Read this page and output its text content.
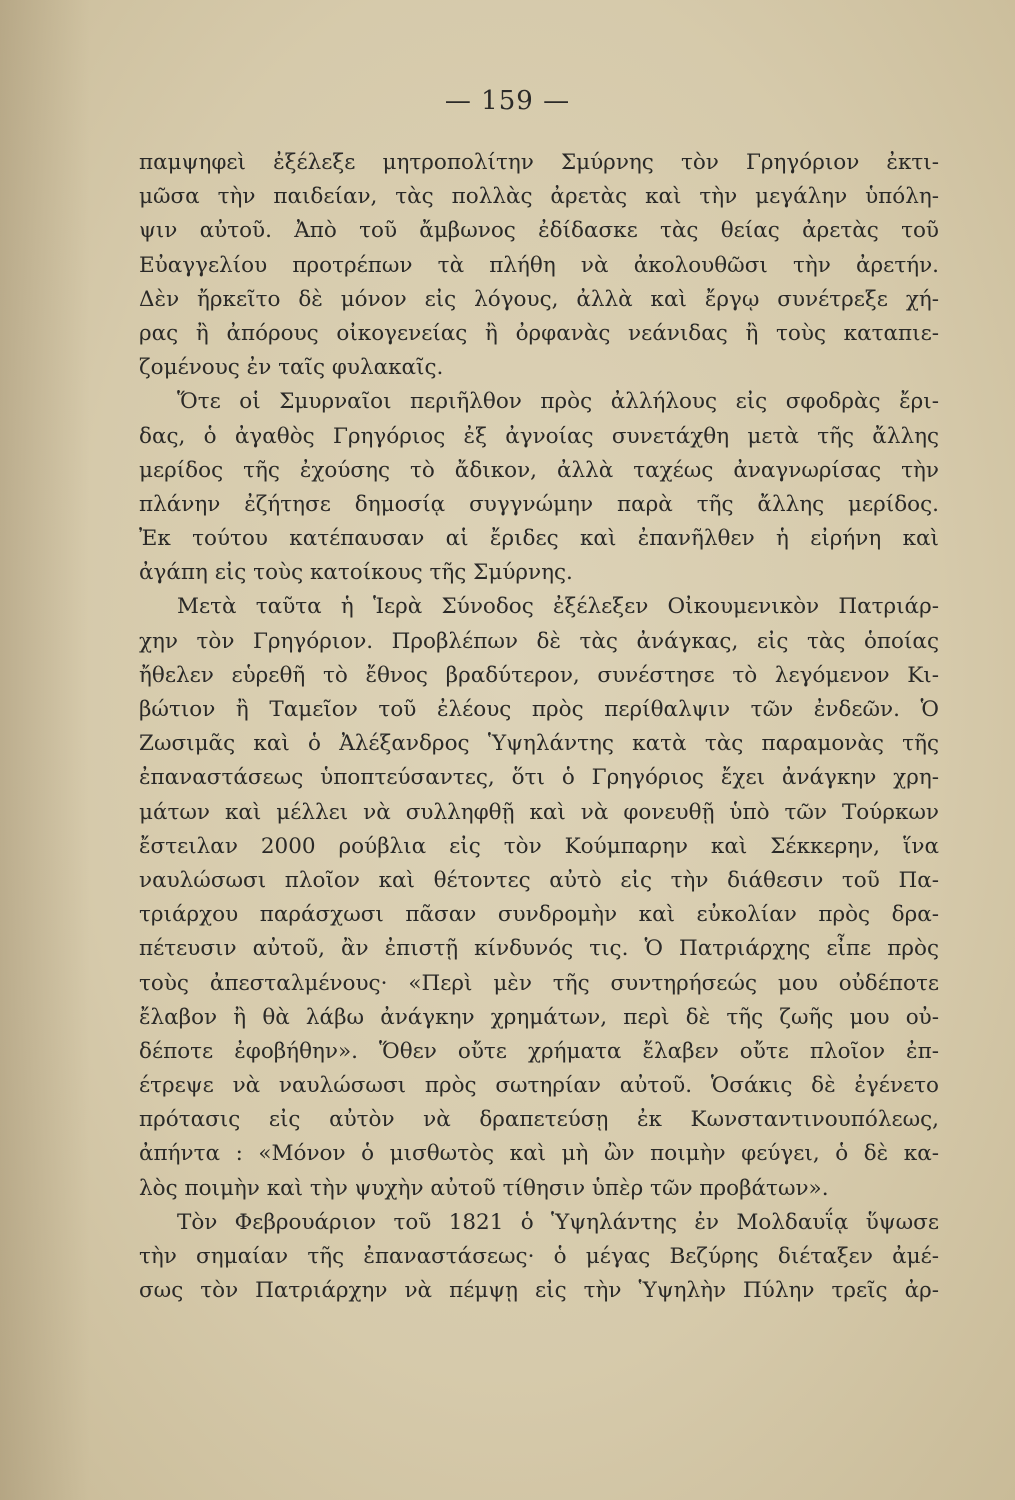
— 159 —
παμψηφεὶ ἐξέλεξε μητροπολίτην Σμύρνης τὸν Γρηγόριον ἐκτι-
μῶσα τὴν παιδείαν, τὰς πολλὰς ἀρετὰς καὶ τὴν μεγάλην ὑπόλη-
ψιν αὐτοῦ. Ἀπὸ τοῦ ἄμβωνος ἐδίδασκε τὰς θείας ἀρετὰς τοῦ
Εὐαγγελίου προτρέπων τὰ πλήθη νὰ ἀκολουθῶσι τὴν ἀρετήν.
Δὲν ἤρκεῖτο δὲ μόνον εἰς λόγους, ἀλλὰ καὶ ἔργῳ συνέτρεξε χή-
ρας ἢ ἀπόρους οἰκογενείας ἢ ὀρφανὰς νεάνιδας ἢ τοὺς καταπιε-
ζομένους ἐν ταῖς φυλακαῖς.
Ὅτε οἱ Σμυρναῖοι περιῆλθον πρὸς ἀλλήλους εἰς σφοδρὰς ἔρι-
δας, ὁ ἀγαθὸς Γρηγόριος ἐξ ἀγνοίας συνετάχθη μετὰ τῆς ἄλλης
μερίδος τῆς ἐχούσης τὸ ἄδικον, ἀλλὰ ταχέως ἀναγνωρίσας τὴν
πλάνην ἐζήτησε δημοσίᾳ συγγνώμην παρὰ τῆς ἄλλης μερίδος.
Ἐκ τούτου κατέπαυσαν αἱ ἔριδες καὶ ἐπανῆλθεν ἡ εἰρήνη καὶ
ἀγάπη εἰς τοὺς κατοίκους τῆς Σμύρνης.
Μετὰ ταῦτα ἡ Ἱερὰ Σύνοδος ἐξέλεξεν Οἰκουμενικὸν Πατριάρ-
χην τὸν Γρηγόριον. Προβλέπων δὲ τὰς ἀνάγκας, εἰς τὰς ὁποίας
ἤθελεν εὑρεθῆ τὸ ἔθνος βραδύτερον, συνέστησε τὸ λεγόμενον Κι-
βώτιον ἢ Ταμεῖον τοῦ ἐλέους πρὸς περίθαλψιν τῶν ἐνδεῶν. Ὁ
Ζωσιμᾶς καὶ ὁ Ἀλέξανδρος Ὑψηλάντης κατὰ τὰς παραμονὰς τῆς
ἐπαναστάσεως ὑποπτεύσαντες, ὅτι ὁ Γρηγόριος ἔχει ἀνάγκην χρη-
μάτων καὶ μέλλει νὰ συλληφθῇ καὶ νὰ φονευθῇ ὑπὸ τῶν Τούρκων
ἔστειλαν 2000 ρούβλια εἰς τὸν Κούμπαρην καὶ Σέκκερην, ἵνα
ναυλώσωσι πλοῖον καὶ θέτοντες αὐτὸ εἰς τὴν διάθεσιν τοῦ Πα-
τριάρχου παράσχωσι πᾶσαν συνδρομὴν καὶ εὐκολίαν πρὸς δρα-
πέτευσιν αὐτοῦ, ἂν ἐπιστῇ κίνδυνός τις. Ὁ Πατριάρχης εἶπε πρὸς
τοὺς ἀπεσταλμένους· «Περὶ μὲν τῆς συντηρήσεώς μου οὐδέποτε
ἔλαβον ἢ θὰ λάβω ἀνάγκην χρημάτων, περὶ δὲ τῆς ζωῆς μου οὐ-
δέποτε ἐφοβήθην». Ὅθεν οὔτε χρήματα ἔλαβεν οὔτε πλοῖον ἐπ-
έτρεψε νὰ ναυλώσωσι πρὸς σωτηρίαν αὐτοῦ. Ὁσάκις δὲ ἐγένετο
πρότασις εἰς αὐτὸν νὰ δραπετεύσῃ ἐκ Κωνσταντινουπόλεως,
ἀπήντα : «Μόνον ὁ μισθωτὸς καὶ μὴ ὢν ποιμὴν φεύγει, ὁ δὲ κα-
λὸς ποιμὴν καὶ τὴν ψυχὴν αὐτοῦ τίθησιν ὑπὲρ τῶν προβάτων».
Τὸν Φεβρουάριον τοῦ 1821 ὁ Ὑψηλάντης ἐν Μολδαυΐᾳ ὕψωσε
τὴν σημαίαν τῆς ἐπαναστάσεως· ὁ μέγας Βεζύρης διέταξεν ἀμέ-
σως τὸν Πατριάρχην νὰ πέμψῃ εἰς τὴν Ὑψηλὴν Πύλην τρεῖς ἀρ-
